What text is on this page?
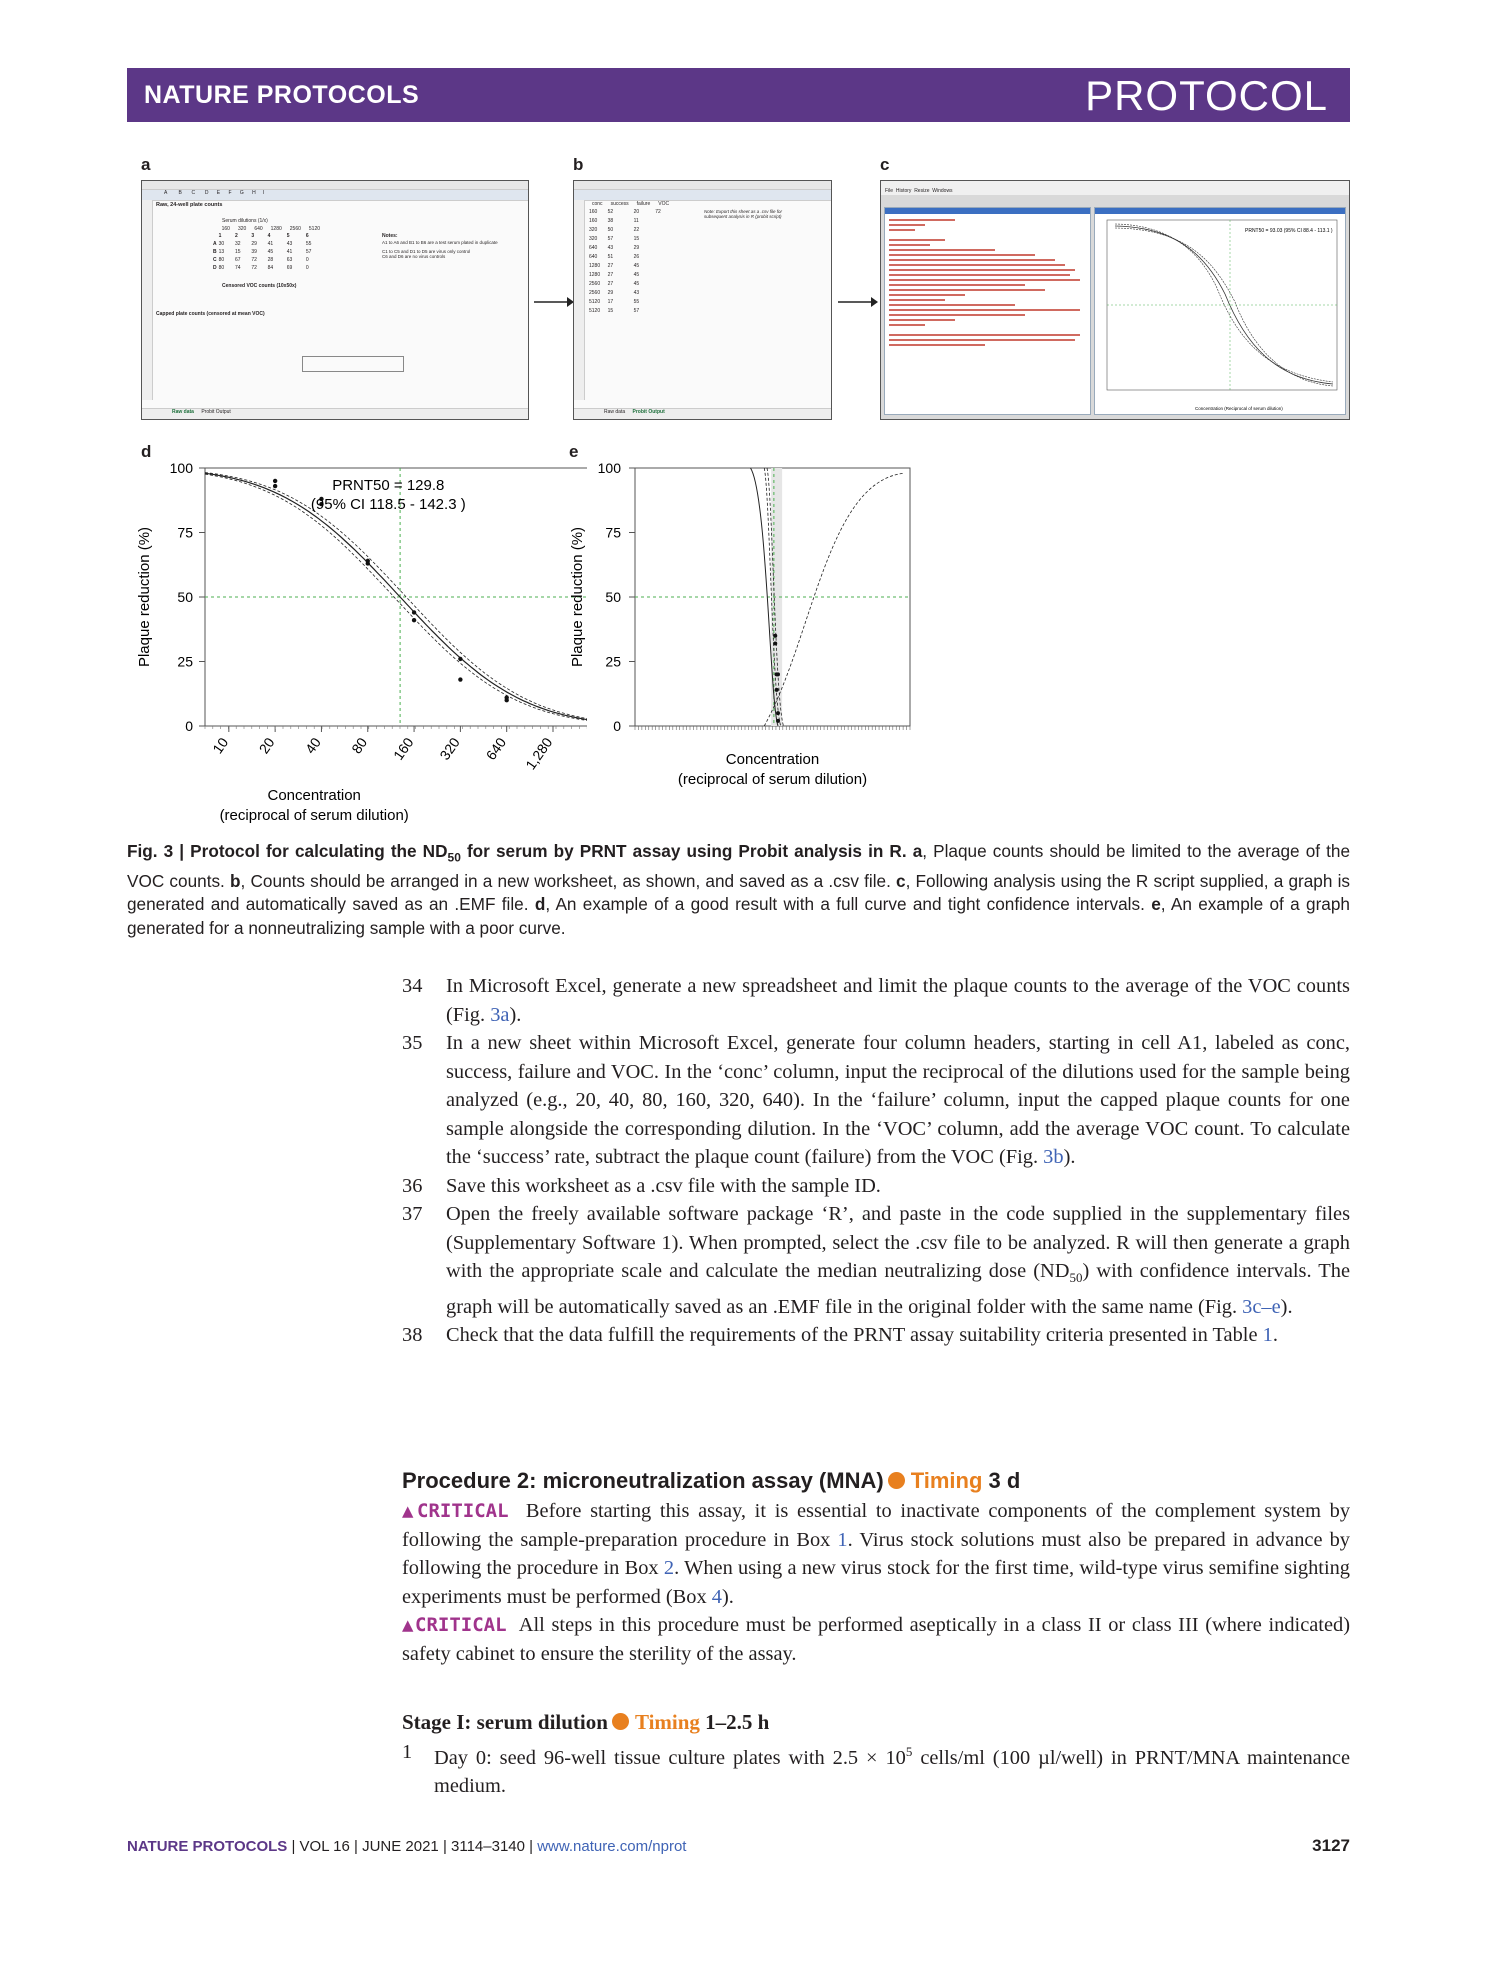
NATURE PROTOCOLS	PROTOCOL
a	b	c
d	e
A        B       C       D      E      F      G      H     I
Raw, 24-well plate counts
Serum dilutions (1/x)
	160	320	640	1280	2560	5120
	1	2	3	4	5	6
A	30	32	29	41	43	55
B	13	15	39	45	41	57
C	80	67	72	28	63	0
D	80	74	72	84	69	0
Notes:
A1 to A6 and B1 to B6 are a test serum plated in duplicate
C1 to C5 and D1 to D5 are virus only control
C6 and D6 are no virus controls
Censored VOC counts (10x50x)
Capped plate counts (censored at mean VOC)
Raw data Probit Output
conc	success	failure	VOC
160	52	20	72
160	38	11	
320	50	22	
320	57	15	
640	43	29	
640	51	26	
1280	27	45	
1280	27	45	
2560	27	45	
2560	29	43	
5120	17	55	
5120	15	57	
Note: Export this sheet as a .csv file for subsequent analysis in R (probit script)
Raw data Probit Output
File History Resize Windows
PRNT50 = 93.03 (95% CI 88.4 - 113.1 )
Concentration (Reciprocal of serum dilution)
0
25
50
75
100
10 20 40 80 160 320 640 1,280
PRNT50 = 129.8
(95% CI 118.5 - 142.3 )
Plaque reduction (%)
Concentration
(reciprocal of serum dilution)
0
25
50
75
100
Plaque reduction (%)
Concentration
(reciprocal of serum dilution)
Fig. 3 | Protocol for calculating the $ND_{50}$ for serum by PRNT assay using Probit analysis in R. a, Plaque counts should be limited to the average of the VOC counts. b, Counts should be arranged in a new worksheet, as shown, and saved as a .csv file. c, Following analysis using the R script supplied, a graph is generated and automatically saved as an .EMF file. d, An example of a good result with a full curve and tight confidence intervals. e, An example of a graph generated for a nonneutralizing sample with a poor curve.
34 In Microsoft Excel, generate a new spreadsheet and limit the plaque counts to the average of the VOC counts (Fig. 3a).
35 In a new sheet within Microsoft Excel, generate four column headers, starting in cell A1, labeled as conc, success, failure and VOC. In the ‘conc’ column, input the reciprocal of the dilutions used for the sample being analyzed (e.g., 20, 40, 80, 160, 320, 640). In the ‘failure’ column, input the capped plaque counts for one sample alongside the corresponding dilution. In the ‘VOC’ column, add the average VOC count. To calculate the ‘success’ rate, subtract the plaque count (failure) from the VOC (Fig. 3b).
36 Save this worksheet as a .csv file with the sample ID.
37 Open the freely available software package ‘R’, and paste in the code supplied in the supplementary files (Supplementary Software 1). When prompted, select the .csv file to be analyzed. R will then generate a graph with the appropriate scale and calculate the median neutralizing dose $(ND_{50})$ with confidence intervals. The graph will be automatically saved as an .EMF file in the original folder with the same name (Fig. 3c–e).
38 Check that the data fulfill the requirements of the PRNT assay suitability criteria presented in Table 1.
Procedure 2: microneutralization assay (MNA) Timing 3 d
▲CRITICAL Before starting this assay, it is essential to inactivate components of the complement system by following the sample-preparation procedure in Box 1. Virus stock solutions must also be prepared in advance by following the procedure in Box 2. When using a new virus stock for the first time, wild-type virus semifine sighting experiments must be performed (Box 4).
▲CRITICAL All steps in this procedure must be performed aseptically in a class II or class III (where indicated) safety cabinet to ensure the sterility of the assay.
Stage I: serum dilution Timing 1–2.5 h
1 Day 0: seed 96-well tissue culture plates with $2.5 \times 10^5$ cells/ml (100 µl/well) in PRNT/MNA maintenance medium.
NATURE PROTOCOLS | VOL 16 | JUNE 2021 | 3114–3140 | www.nature.com/nprot	3127
